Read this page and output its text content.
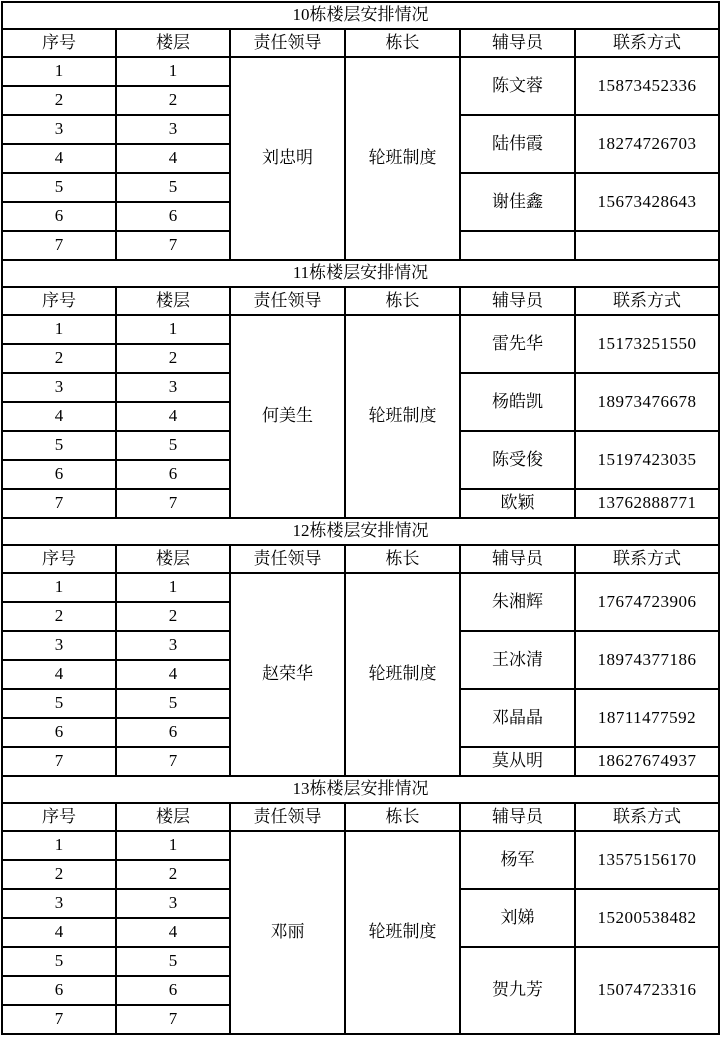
10栋楼层安排情况					
序号	楼层	责任领导	栋长	辅导员	联系方式
1	1	刘忠明	轮班制度	陈文蓉	15873452336
2	2				
3	3			陆伟霞	18274726703
4	4				
5	5			谢佳鑫	15673428643
6	6				
7	7				
11栋楼层安排情况					
序号	楼层	责任领导	栋长	辅导员	联系方式
1	1	何美生	轮班制度	雷先华	15173251550
2	2				
3	3			杨皓凯	18973476678
4	4				
5	5			陈受俊	15197423035
6	6				
7	7			欧颖	13762888771
12栋楼层安排情况					
序号	楼层	责任领导	栋长	辅导员	联系方式
1	1	赵荣华	轮班制度	朱湘辉	17674723906
2	2				
3	3			王冰清	18974377186
4	4				
5	5			邓晶晶	18711477592
6	6				
7	7			莫从明	18627674937
13栋楼层安排情况					
序号	楼层	责任领导	栋长	辅导员	联系方式
1	1	邓丽	轮班制度	杨军	13575156170
2	2				
3	3			刘娣	15200538482
4	4				
5	5			贺九芳	15074723316
6	6				
7	7				
